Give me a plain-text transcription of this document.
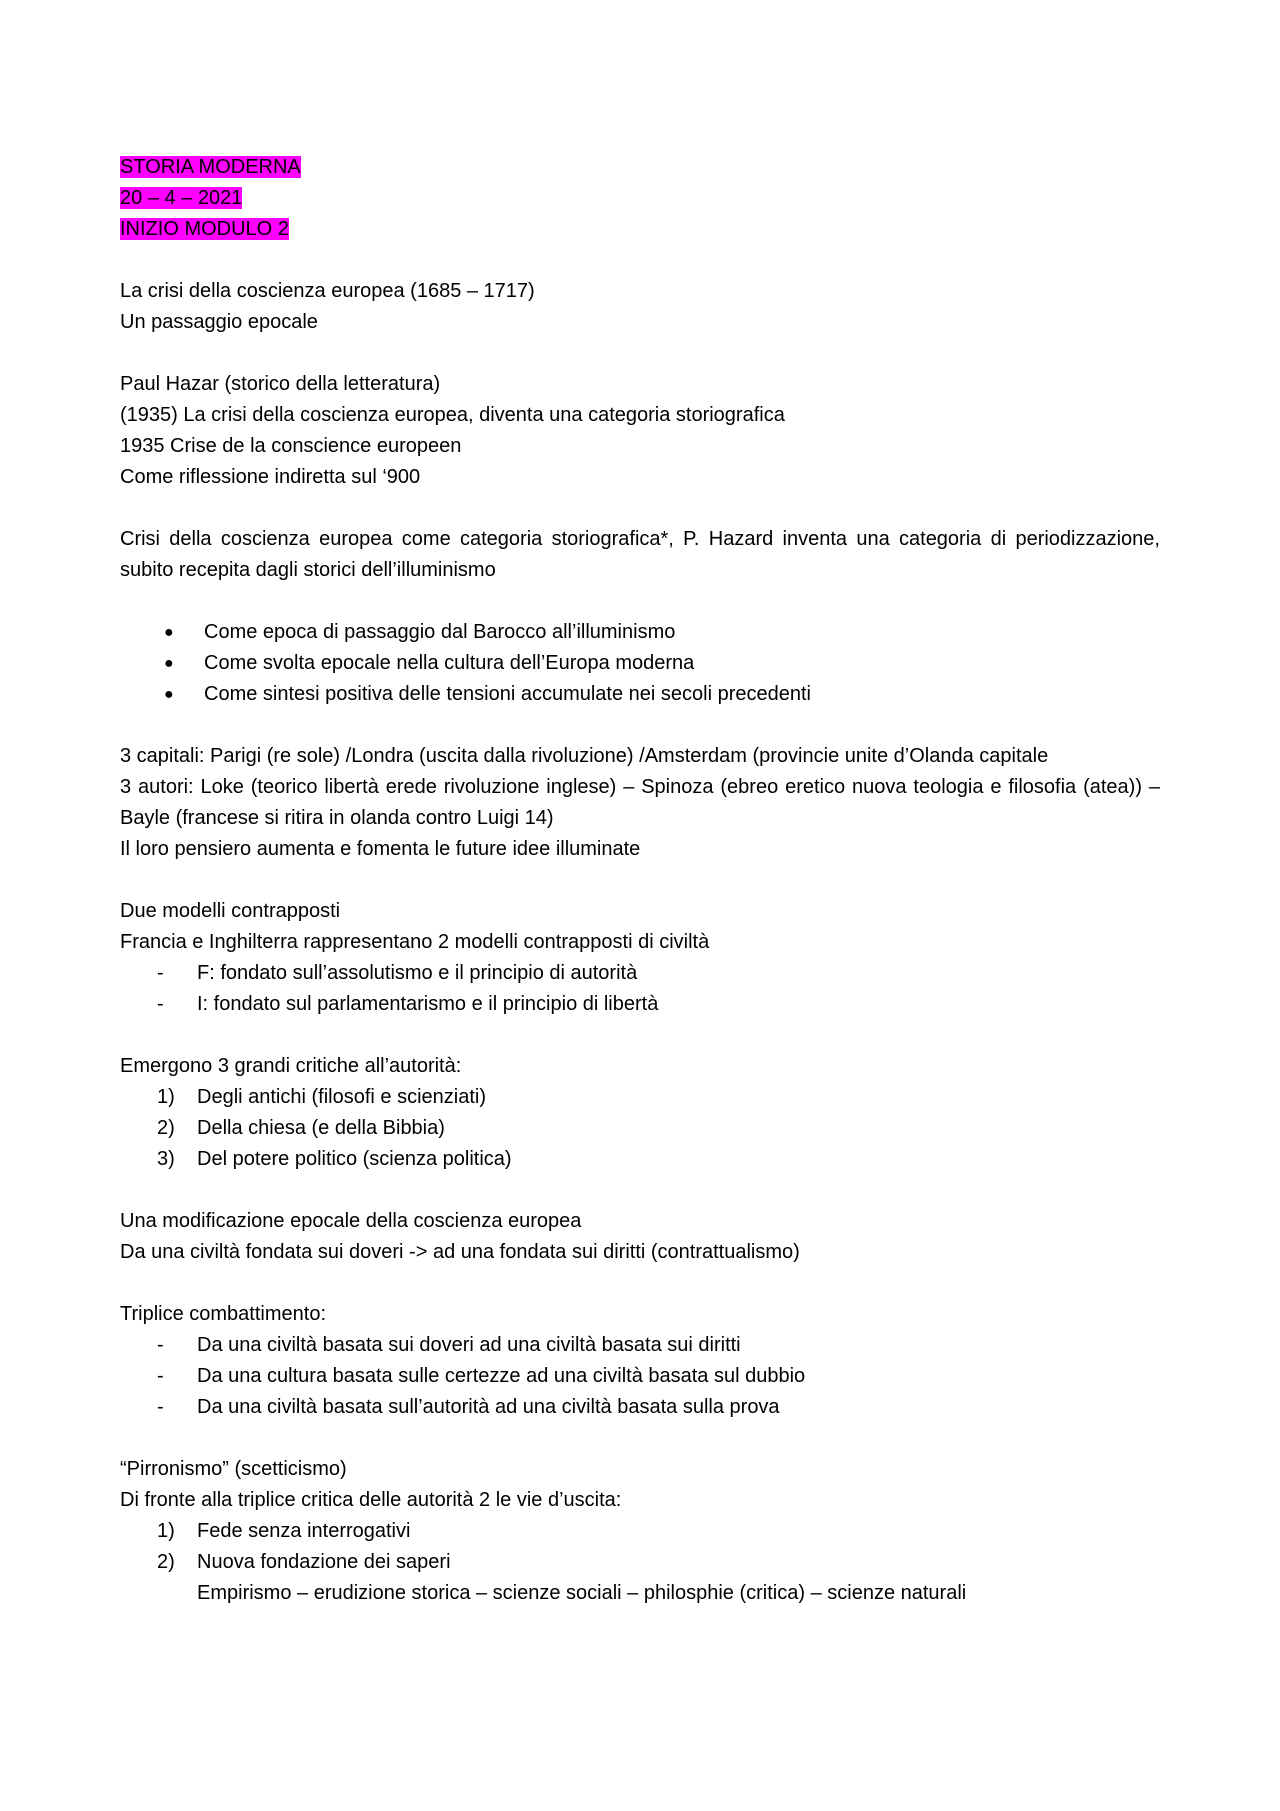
STORIA MODERNA

20 – 4 – 2021

INIZIO MODULO 2

La crisi della coscienza europea (1685 – 1717)

Un passaggio epocale

Paul Hazar (storico della letteratura)

(1935) La crisi della coscienza europea, diventa una categoria storiografica

1935 Crise de la conscience europeen

Come riflessione indiretta sul ‘900

Crisi della coscienza europea come categoria storiografica*, P. Hazard inventa una categoria di periodizzazione, subito recepita dagli storici dell’illuminismo

●	Come epoca di passaggio dal Barocco all’illuminismo

●	Come svolta epocale nella cultura dell’Europa moderna

●	Come sintesi positiva delle tensioni accumulate nei secoli precedenti

3 capitali: Parigi (re sole) /Londra (uscita dalla rivoluzione) /Amsterdam (provincie unite d’Olanda capitale

3 autori: Loke (teorico libertà erede rivoluzione inglese) – Spinoza (ebreo eretico nuova teologia e filosofia (atea)) – Bayle (francese si ritira in olanda contro Luigi 14)

Il loro pensiero aumenta e fomenta le future idee illuminate

Due modelli contrapposti

Francia e Inghilterra rappresentano 2 modelli contrapposti di civiltà

-	F: fondato sull’assolutismo e il principio di autorità

-	I: fondato sul parlamentarismo e il principio di libertà

Emergono 3 grandi critiche all’autorità:

1)	Degli antichi (filosofi e scienziati)

2)	Della chiesa (e della Bibbia)

3)	Del potere politico (scienza politica)

Una modificazione epocale della coscienza europea

Da una civiltà fondata sui doveri -> ad una fondata sui diritti (contrattualismo)

Triplice combattimento:

-	Da una civiltà basata sui doveri ad una civiltà basata sui diritti

-	Da una cultura basata sulle certezze ad una civiltà basata sul dubbio

-	Da una civiltà basata sull’autorità ad una civiltà basata sulla prova

“Pirronismo” (scetticismo)

Di fronte alla triplice critica delle autorità 2 le vie d’uscita:

1)	Fede senza interrogativi

2)	Nuova fondazione dei saperi

Empirismo – erudizione storica – scienze sociali – philosphie (critica) – scienze naturali
